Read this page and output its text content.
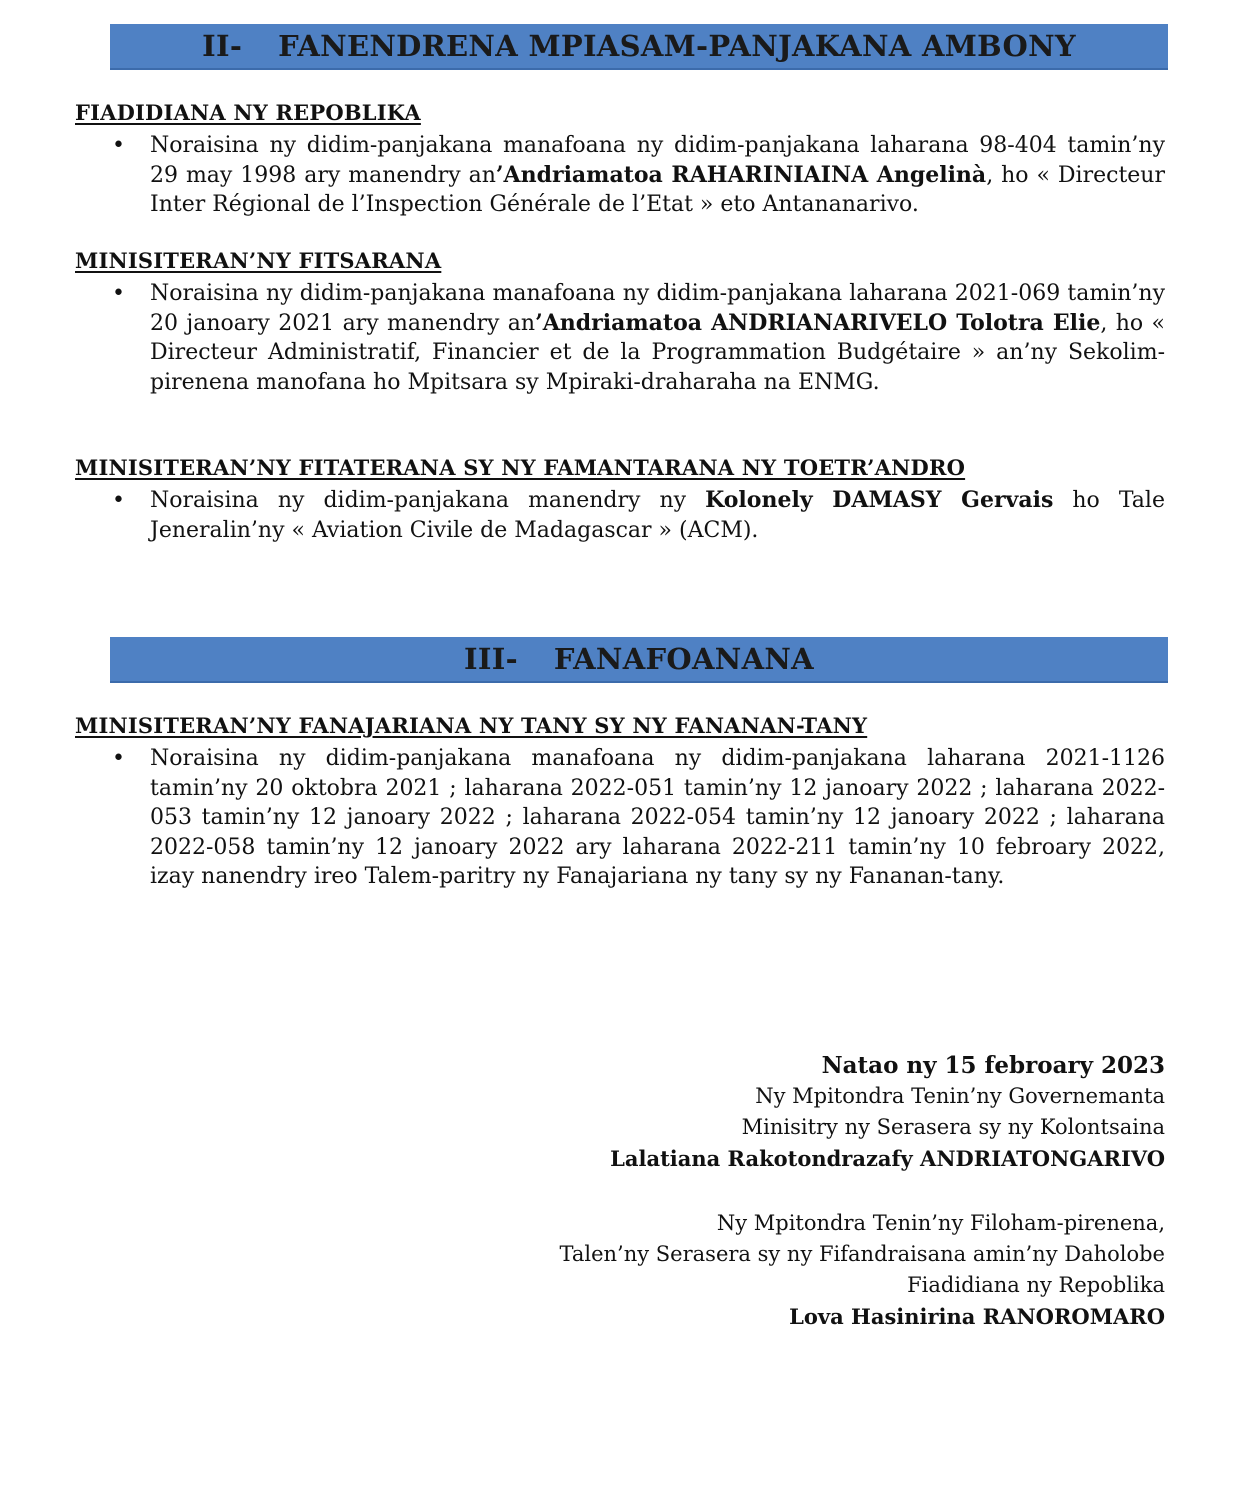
II- FANENDRENA MPIASAM-PANJAKANA AMBONY
FIADIDIANA NY REPOBLIKA
• Noraisina ny didim-panjakana manafoana ny didim-panjakana laharana 98-404 tamin’ny 29 may 1998 ary manendry an’Andriamatoa RAHARINIAINA Angelinà, ho « Directeur Inter Régional de l’Inspection Générale de l’Etat » eto Antananarivo.
MINISITERAN’NY FITSARANA
• Noraisina ny didim-panjakana manafoana ny didim-panjakana laharana 2021-069 tamin’ny 20 janoary 2021 ary manendry an’Andriamatoa ANDRIANARIVELO Tolotra Elie, ho « Directeur Administratif, Financier et de la Programmation Budgétaire » an’ny Sekolim-pirenena manofana ho Mpitsara sy Mpiraki-draharaha na ENMG.
MINISITERAN’NY FITATERANA SY NY FAMANTARANA NY TOETR’ANDRO
• Noraisina ny didim-panjakana manendry ny Kolonely DAMASY Gervais ho Tale Jeneralin’ny « Aviation Civile de Madagascar » (ACM).
III- FANAFOANANA
MINISITERAN’NY FANAJARIANA NY TANY SY NY FANANAN-TANY
• Noraisina ny didim-panjakana manafoana ny didim-panjakana laharana 2021-1126 tamin’ny 20 oktobra 2021 ; laharana 2022-051 tamin’ny 12 janoary 2022 ; laharana 2022-053 tamin’ny 12 janoary 2022 ; laharana 2022-054 tamin’ny 12 janoary 2022 ; laharana 2022-058 tamin’ny 12 janoary 2022 ary laharana 2022-211 tamin’ny 10 febroary 2022, izay nanendry ireo Talem-paritry ny Fanajariana ny tany sy ny Fananan-tany.
Natao ny 15 febroary 2023
Ny Mpitondra Tenin’ny Governemanta
Minisitry ny Serasera sy ny Kolontsaina
Lalatiana Rakotondrazafy ANDRIATONGARIVO
Ny Mpitondra Tenin’ny Filoham-pirenena,
Talen’ny Serasera sy ny Fifandraisana amin’ny Daholobe
Fiadidiana ny Repoblika
Lova Hasinirina RANOROMARO
